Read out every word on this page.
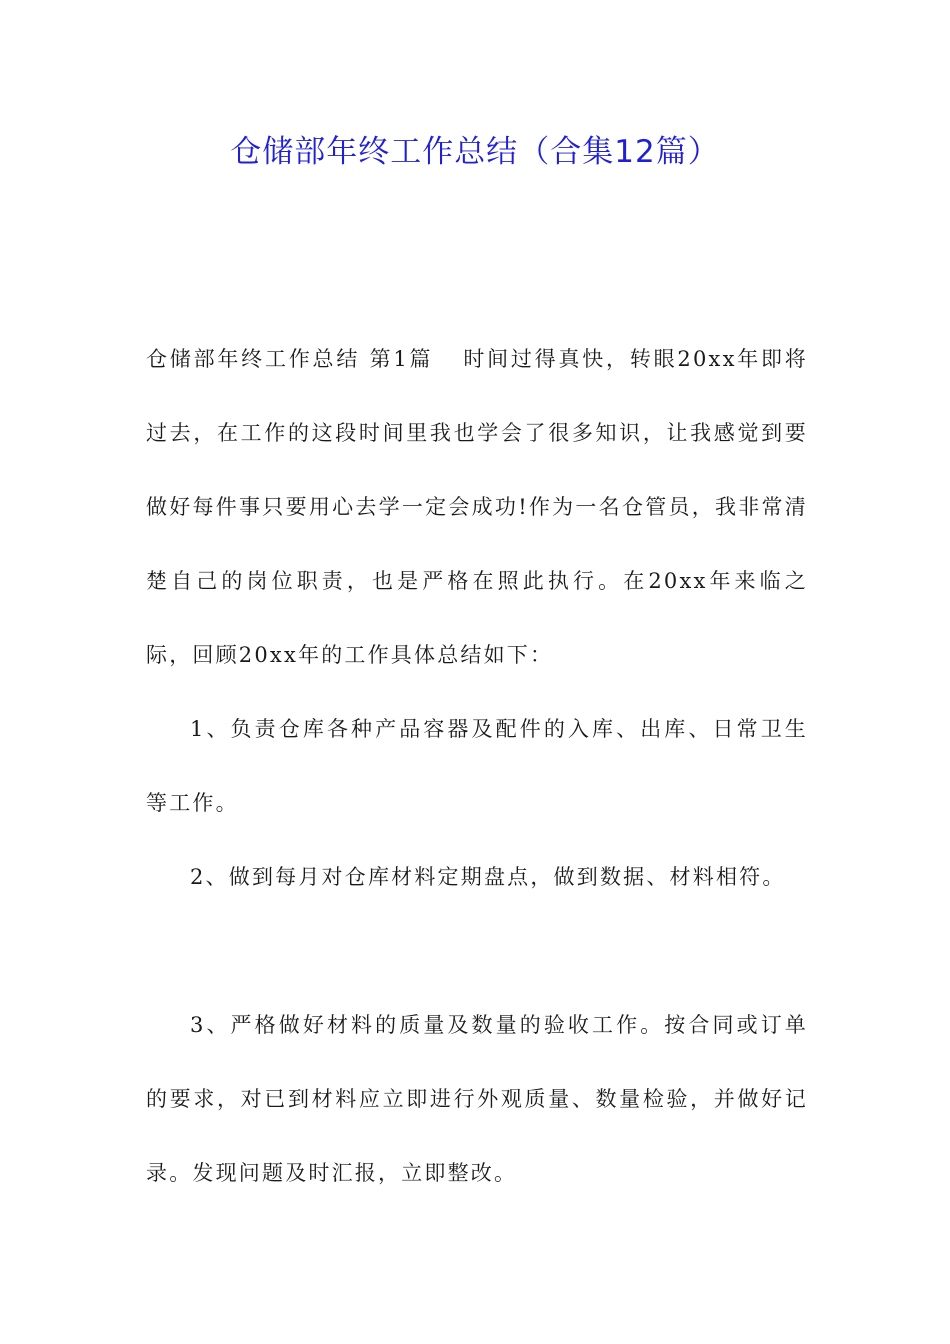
仓储部年终工作总结（合集12篇）

仓储部年终工作总结 第1篇 时间过得真快，转眼20xx年即将过去，在工作的这段时间里我也学会了很多知识，让我感觉到要做好每件事只要用心去学一定会成功!作为一名仓管员，我非常清楚自己的岗位职责，也是严格在照此执行。在20xx年来临之际，回顾20xx年的工作具体总结如下：

1、负责仓库各种产品容器及配件的入库、出库、日常卫生等工作。

2、做到每月对仓库材料定期盘点，做到数据、材料相符。

3、严格做好材料的质量及数量的验收工作。按合同或订单的要求，对已到材料应立即进行外观质量、数量检验，并做好记录。发现问题及时汇报，立即整改。
